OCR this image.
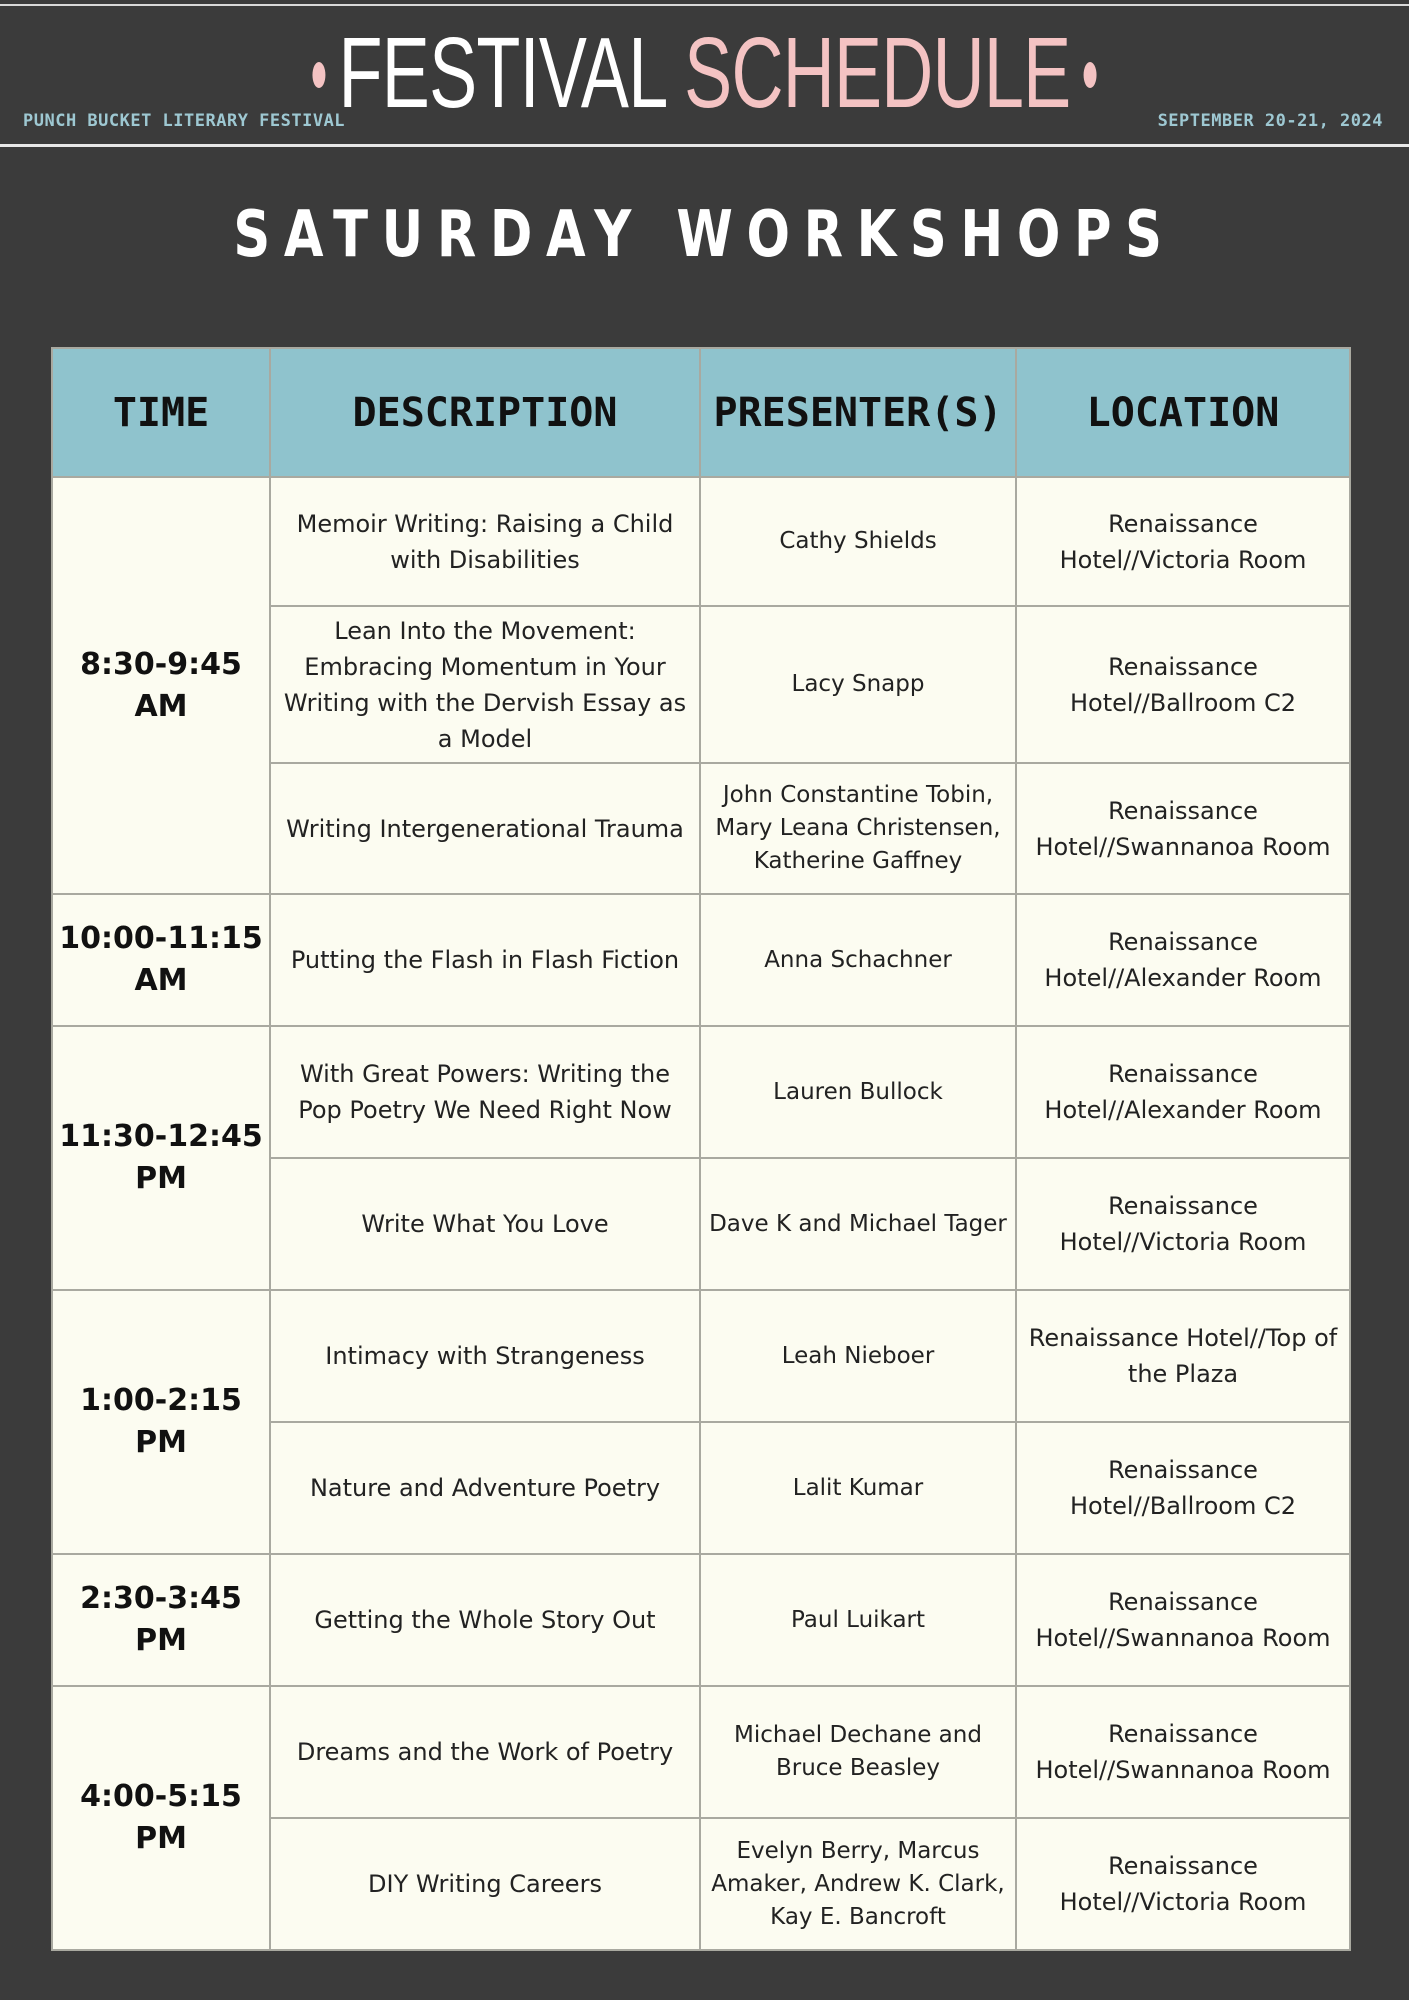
FESTIVAL SCHEDULE
PUNCH BUCKET LITERARY FESTIVAL	SEPTEMBER 20-21, 2024
SATURDAY WORKSHOPS
TIME	DESCRIPTION	PRESENTER(S)	LOCATION
8:30-9:45 AM	Memoir Writing: Raising a Child with Disabilities	Cathy Shields	Renaissance Hotel//Victoria Room
	Lean Into the Movement: Embracing Momentum in Your Writing with the Dervish Essay as a Model	Lacy Snapp	Renaissance Hotel//Ballroom C2
	Writing Intergenerational Trauma	John Constantine Tobin, Mary Leana Christensen, Katherine Gaffney	Renaissance Hotel//Swannanoa Room
10:00-11:15 AM	Putting the Flash in Flash Fiction	Anna Schachner	Renaissance Hotel//Alexander Room
11:30-12:45 PM	With Great Powers: Writing the Pop Poetry We Need Right Now	Lauren Bullock	Renaissance Hotel//Alexander Room
	Write What You Love	Dave K and Michael Tager	Renaissance Hotel//Victoria Room
1:00-2:15 PM	Intimacy with Strangeness	Leah Nieboer	Renaissance Hotel//Top of the Plaza
	Nature and Adventure Poetry	Lalit Kumar	Renaissance Hotel//Ballroom C2
2:30-3:45 PM	Getting the Whole Story Out	Paul Luikart	Renaissance Hotel//Swannanoa Room
4:00-5:15 PM	Dreams and the Work of Poetry	Michael Dechane and Bruce Beasley	Renaissance Hotel//Swannanoa Room
	DIY Writing Careers	Evelyn Berry, Marcus Amaker, Andrew K. Clark, Kay E. Bancroft	Renaissance Hotel//Victoria Room
